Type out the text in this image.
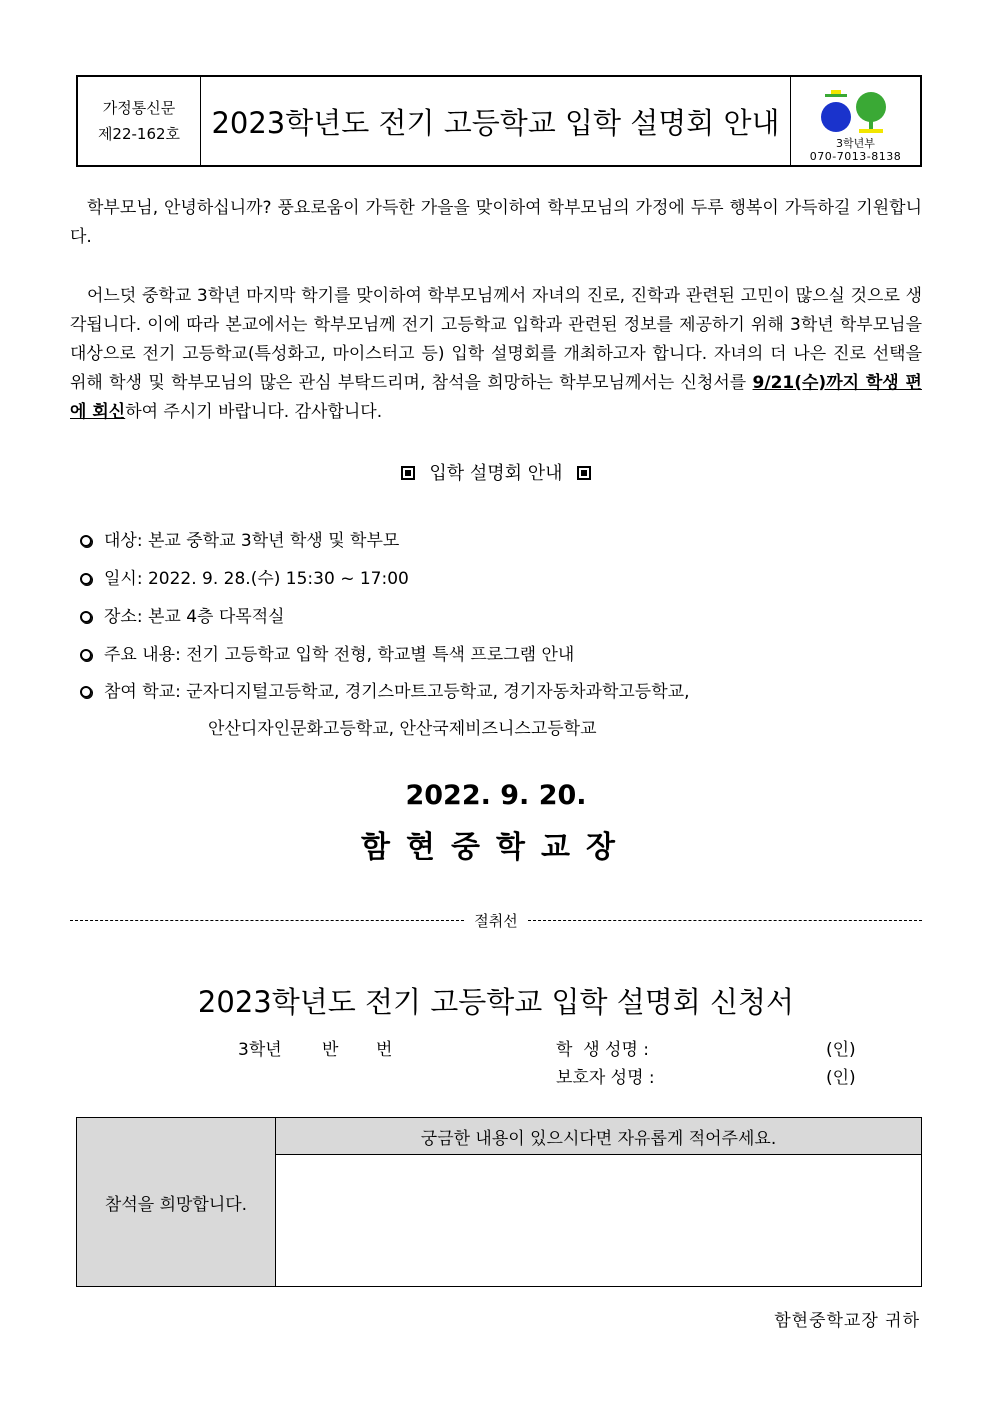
가정통신문
제22-162호	2023학년도 전기 고등학교 입학 설명회 안내
3학년부
070-7013-8138
학부모님, 안녕하십니까? 풍요로움이 가득한 가을을 맞이하여 학부모님의 가정에 두루 행복이 가득하길 기원합니다.
어느덧 중학교 3학년 마지막 학기를 맞이하여 학부모님께서 자녀의 진로, 진학과 관련된 고민이 많으실 것으로 생각됩니다. 이에 따라 본교에서는 학부모님께 전기 고등학교 입학과 관련된 정보를 제공하기 위해 3학년 학부모님을 대상으로 전기 고등학교(특성화고, 마이스터고 등) 입학 설명회를 개최하고자 합니다. 자녀의 더 나은 진로 선택을 위해 학생 및 학부모님의 많은 관심 부탁드리며, 참석을 희망하는 학부모님께서는 신청서를 9/21(수)까지 학생 편에 회신하여 주시기 바랍니다. 감사합니다.
입학 설명회 안내
대상: 본교 중학교 3학년 학생 및 학부모
일시: 2022. 9. 28.(수) 15:30 ~ 17:00
장소: 본교 4층 다목적실
주요 내용: 전기 고등학교 입학 전형, 학교별 특색 프로그램 안내
참여 학교: 군자디지털고등학교, 경기스마트고등학교, 경기자동차과학고등학교,
안산디자인문화고등학교, 안산국제비즈니스고등학교
2022. 9. 20.
함현중학교장
절취선
2023학년도 전기 고등학교 입학 설명회 신청서
3학년 반 번	학  생 성명 :	(인)
보호자 성명 :	(인)
참석을 희망합니다.	궁금한 내용이 있으시다면 자유롭게 적어주세요.

함현중학교장 귀하
